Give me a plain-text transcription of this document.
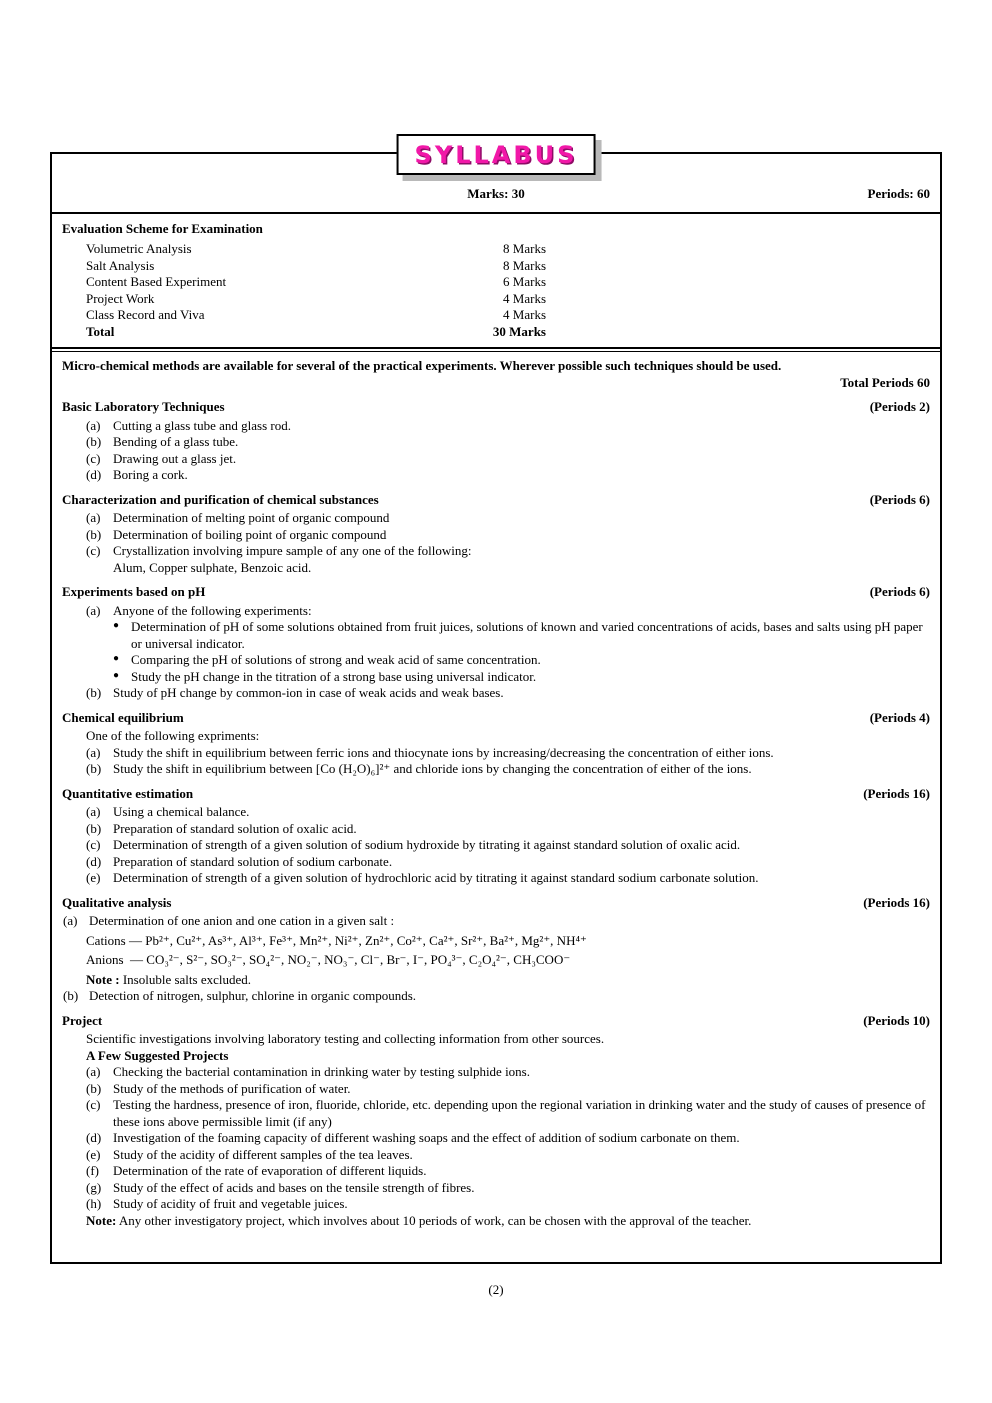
SYLLABUS
Marks: 30	Periods: 60
Evaluation Scheme for Examination
Volumetric Analysis	8 Marks
Salt Analysis	8 Marks
Content Based Experiment	6 Marks
Project Work	4 Marks
Class Record and Viva	4 Marks
Total	30 Marks
Micro-chemical methods are available for several of the practical experiments. Wherever possible such techniques should be used.
Total Periods 60
Basic Laboratory Techniques	(Periods 2)
(a) Cutting a glass tube and glass rod.
(b) Bending of a glass tube.
(c) Drawing out a glass jet.
(d) Boring a cork.
Characterization and purification of chemical substances	(Periods 6)
(a) Determination of melting point of organic compound
(b) Determination of boiling point of organic compound
(c) Crystallization involving impure sample of any one of the following:
Alum, Copper sulphate, Benzoic acid.
Experiments based on pH	(Periods 6)
(a) Anyone of the following experiments:
● Determination of pH of some solutions obtained from fruit juices, solutions of known and varied concentrations of acids, bases and salts using pH paper or universal indicator.
● Comparing the pH of solutions of strong and weak acid of same concentration.
● Study the pH change in the titration of a strong base using universal indicator.
(b) Study of pH change by common-ion in case of weak acids and weak bases.
Chemical equilibrium	(Periods 4)
One of the following expriments:
(a) Study the shift in equilibrium between ferric ions and thiocynate ions by increasing/decreasing the concentration of either ions.
(b) Study the shift in equilibrium between [Co (H₂O)₆]²⁺ and chloride ions by changing the concentration of either of the ions.
Quantitative estimation	(Periods 16)
(a) Using a chemical balance.
(b) Preparation of standard solution of oxalic acid.
(c) Determination of strength of a given solution of sodium hydroxide by titrating it against standard solution of oxalic acid.
(d) Preparation of standard solution of sodium carbonate.
(e) Determination of strength of a given solution of hydrochloric acid by titrating it against standard sodium carbonate solution.
Qualitative analysis	(Periods 16)
(a) Determination of one anion and one cation in a given salt :
Cations — Pb²⁺, Cu²⁺, As³⁺, Al³⁺, Fe³⁺, Mn²⁺, Ni²⁺, Zn²⁺, Co²⁺, Ca²⁺, Sr²⁺, Ba²⁺, Mg²⁺, NH⁴⁺
Anions  — CO₃²⁻, S²⁻, SO₃²⁻, SO₄²⁻, NO₂⁻, NO₃⁻, Cl⁻, Br⁻, I⁻, PO₄³⁻, C₂O₄²⁻, CH₃COO⁻
Note : Insoluble salts excluded.
(b) Detection of nitrogen, sulphur, chlorine in organic compounds.
Project	(Periods 10)
Scientific investigations involving laboratory testing and collecting information from other sources.
A Few Suggested Projects
(a) Checking the bacterial contamination in drinking water by testing sulphide ions.
(b) Study of the methods of purification of water.
(c) Testing the hardness, presence of iron, fluoride, chloride, etc. depending upon the regional variation in drinking water and the study of causes of presence of these ions above permissible limit (if any)
(d) Investigation of the foaming capacity of different washing soaps and the effect of addition of sodium carbonate on them.
(e) Study of the acidity of different samples of the tea leaves.
(f)	Determination of the rate of evaporation of different liquids.
(g) Study of the effect of acids and bases on the tensile strength of fibres.
(h) Study of acidity of fruit and vegetable juices.
Note: Any other investigatory project, which involves about 10 periods of work, can be chosen with the approval of the teacher.
(2)
